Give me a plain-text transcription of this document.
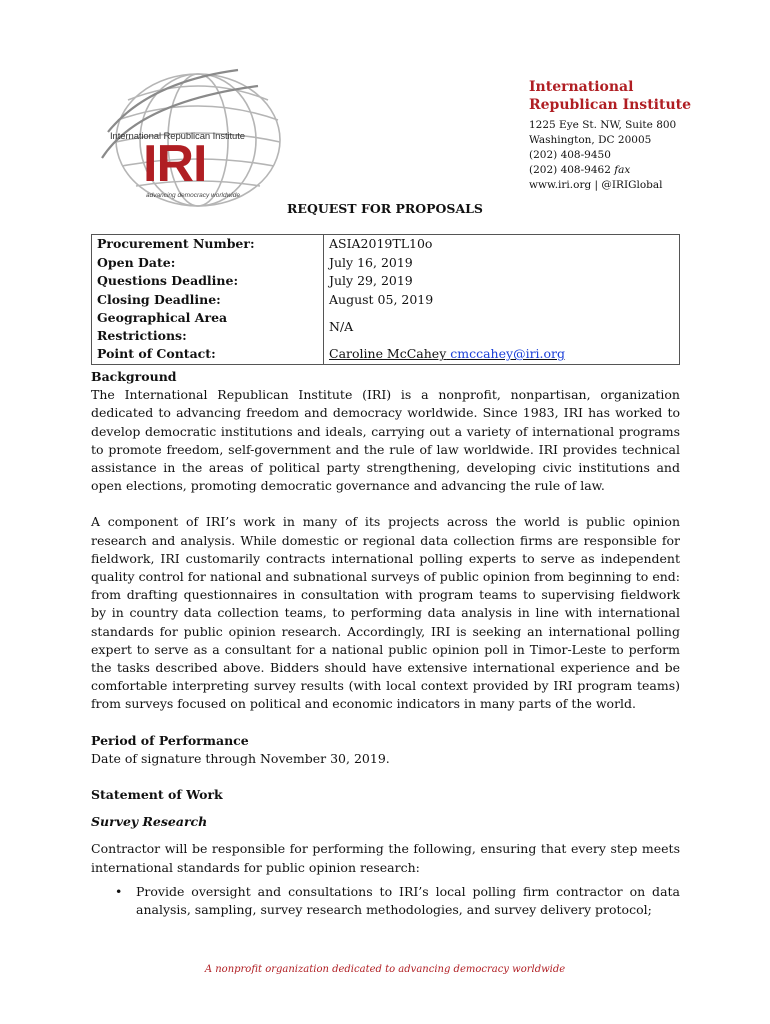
International Republican Institute
IRI
advancing democracy worldwide
International
Republican Institute
1225 Eye St. NW, Suite 800
Washington, DC 20005
(202) 408-9450
(202) 408-9462 fax
www.iri.org | @IRIGlobal
REQUEST FOR PROPOSALS
Procurement Number:	ASIA2019TL10o
Open Date:	July 16, 2019
Questions Deadline:	July 29, 2019
Closing Deadline:	August 05, 2019
Geographical Area Restrictions:	N/A
Point of Contact:	Caroline McCahey cmccahey@iri.org
Background

The International Republican Institute (IRI) is a nonprofit, nonpartisan, organization dedicated to advancing freedom and democracy worldwide. Since 1983, IRI has worked to develop democratic institutions and ideals, carrying out a variety of international programs to promote freedom, self-government and the rule of law worldwide. IRI provides technical assistance in the areas of political party strengthening, developing civic institutions and open elections, promoting democratic governance and advancing the rule of law.

A component of IRI’s work in many of its projects across the world is public opinion research and analysis. While domestic or regional data collection firms are responsible for fieldwork, IRI customarily contracts international polling experts to serve as independent quality control for national and subnational surveys of public opinion from beginning to end: from drafting questionnaires in consultation with program teams to supervising fieldwork by in country data collection teams, to performing data analysis in line with international standards for public opinion research. Accordingly, IRI is seeking an international polling expert to serve as a consultant for a national public opinion poll in Timor-Leste to perform the tasks described above. Bidders should have extensive international experience and be comfortable interpreting survey results (with local context provided by IRI program teams) from surveys focused on political and economic indicators in many parts of the world.

Period of Performance

Date of signature through November 30, 2019.

Statement of Work
Survey Research

Contractor will be responsible for performing the following, ensuring that every step meets international standards for public opinion research:

• Provide oversight and consultations to IRI’s local polling firm contractor on data analysis, sampling, survey research methodologies, and survey delivery protocol;
A nonprofit organization dedicated to advancing democracy worldwide
